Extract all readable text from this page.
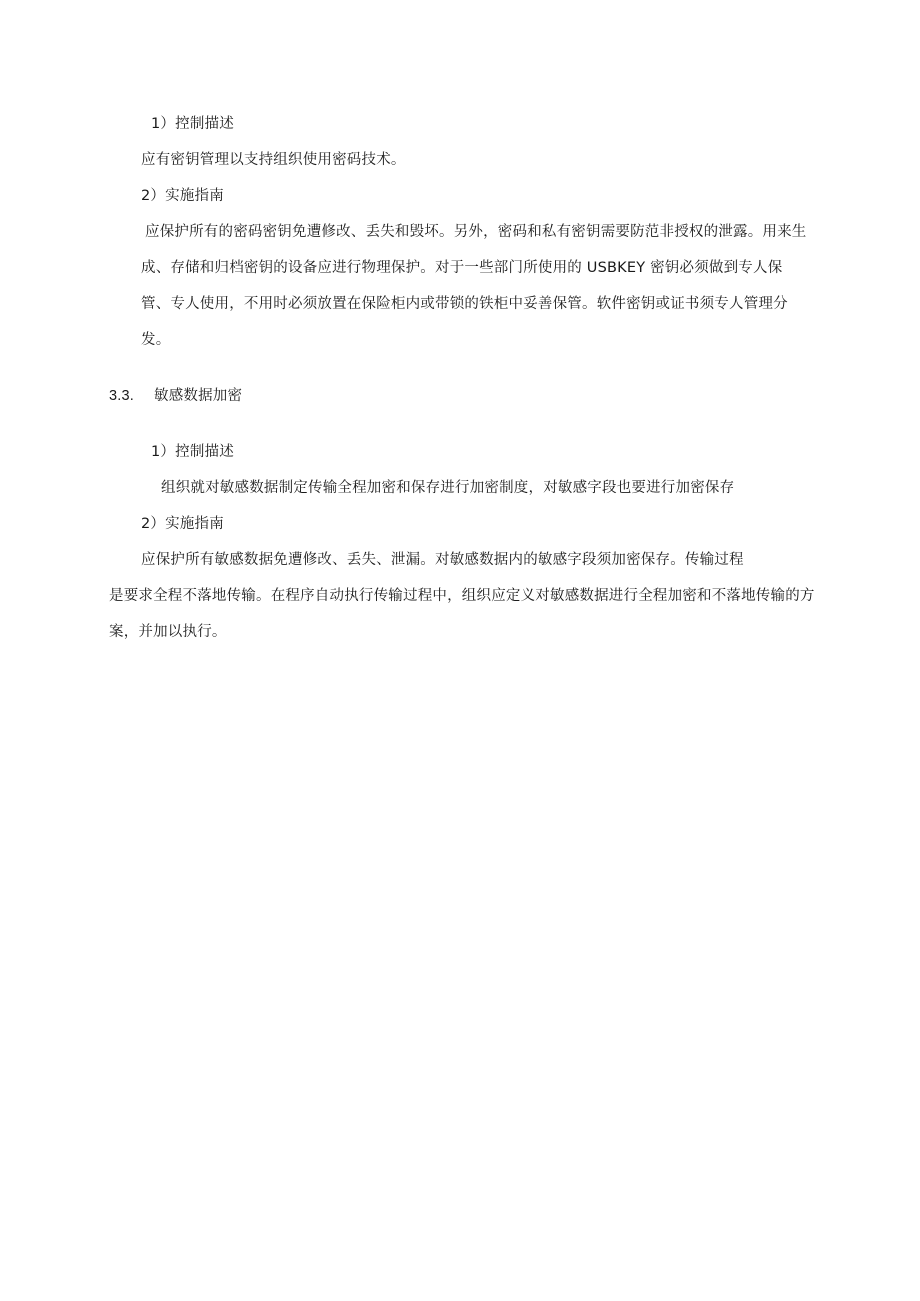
1）控制描述
应有密钥管理以支持组织使用密码技术。
2）实施指南
应保护所有的密码密钥免遭修改、丢失和毁坏。另外，密码和私有密钥需要防范非授权的泄露。用来生
成、存储和归档密钥的设备应进行物理保护。对于一些部门所使用的 USBKEY 密钥必须做到专人保
管、专人使用，不用时必须放置在保险柜内或带锁的铁柜中妥善保管。软件密钥或证书须专人管理分
发。
3.3. 敏感数据加密
1）控制描述
组织就对敏感数据制定传输全程加密和保存进行加密制度，对敏感字段也要进行加密保存
2）实施指南
应保护所有敏感数据免遭修改、丢失、泄漏。对敏感数据内的敏感字段须加密保存。传输过程
是要求全程不落地传输。在程序自动执行传输过程中，组织应定义对敏感数据进行全程加密和不落地传输的方
案，并加以执行。
